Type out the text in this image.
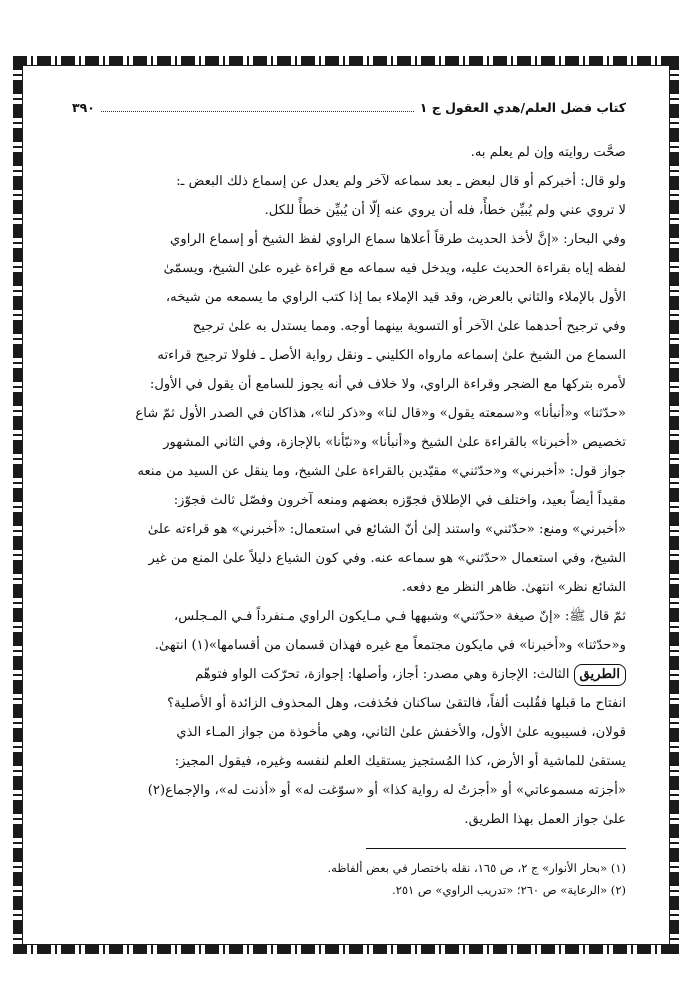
كتاب فضل العلم/هدي العقول ج ١
٣٩٠

صحَّت روايته وإن لم يعلم به.

ولو قال: أخبركم أو قال لبعض ـ بعد سماعه لآخر ولم يعدل عن إسماع ذلك البعض ـ:

لا تروي عني ولم يُبيِّن خطأً، فله أن يروي عنه إلّا أن يُبيِّن خطأً للكل.

وفي البحار: «إنَّ لأخذ الحديث طرقاً أعلاها سماع الراوي لفظ الشيخ أو إسماع الراوي

لفظه إياه بقراءة الحديث عليه، ويدخل فيه سماعه مع قراءة غيره علىٰ الشيخ، ويسمّىٰ

الأول بالإملاء والثاني بالعرض، وقد قيد الإملاء بما إذا كتب الراوي ما يسمعه من شيخه،

وفي ترجيح أحدهما علىٰ الآخر أو التسوية بينهما أوجه. ومما يستدل به علىٰ ترجيح

السماع من الشيخ علىٰ إسماعه مارواه الكليني ـ ونقل رواية الأصل ـ فلولا ترجيح قراءته

لأمره بتركها مع الضجر وقراءة الراوي، ولا خلاف في أنه يجوز للسامع أن يقول في الأول:

«حدّثنا» و«أنبأنا» و«سمعته يقول» و«قال لنا» و«ذكر لنا»، هذاكان في الصدر الأول ثمّ شاع

تخصيص «أخبرنا» بالقراءة علىٰ الشيخ و«أنبأنا» و«نبّأنا» بالإجازة، وفي الثاني المشهور

جواز قول: «أخبرني» و«حدّثني» مقيّدين بالقراءة علىٰ الشيخ، وما ينقل عن السيد من منعه

مقيداً أيضاً بعيد، واختلف في الإطلاق فجوّزه بعضهم ومنعه آخرون وفصّل ثالث فجوّز:

«أخبرني» ومنع: «حدّثني» واستند إلىٰ أنّ الشائع في استعمال: «أخبرني» هو قراءته علىٰ

الشيخ، وفي استعمال «حدّثني» هو سماعه عنه. وفي كون الشياع دليلاً علىٰ المنع من غير

الشائع نظر» انتهىٰ. ظاهر النظر مع دفعه.

ثمّ قال ﷺ: «إنّ صيغة «حدّثني» وشبهها فـي مـايكون الراوي مـنفرداً فـي المـجلس،

و«حدّثنا» و«أخبرنا» في مايكون مجتمعاً مع غيره فهذان قسمان من أقسامها»(١) انتهىٰ.

الطريقالثالث: الإجازة وهي مصدر: أجاز، وأصلها: إجوازة، تحرّكت الواو فتوهّم

انفتاح ما قبلها فقُلبت ألفاً، فالتقىٰ ساكنان فحُذفت، وهل المحذوف الزائدة أو الأصلية؟

قولان، فسيبويه علىٰ الأول، والأخفش علىٰ الثاني، وهي مأخوذة من جواز المـاء الذي

يستقىٰ للماشية أو الأرض، كذا المُستجيز يستقيك العلم لنفسه وغيره، فيقول المجيز:

«أجزته مسموعاتي» أو «أجزتُ له رواية كذا» أو «سوّغت له» أو «أذنت له»، والإجماع(٢)

علىٰ جواز العمل بهذا الطريق.

(١) «بحار الأنوار» ج ٢، ص ١٦٥، نقله باختصار في بعض ألفاظه.

(٢) «الرعاية» ص ٢٦٠؛ «تدريب الراوي» ص ٢٥١.
